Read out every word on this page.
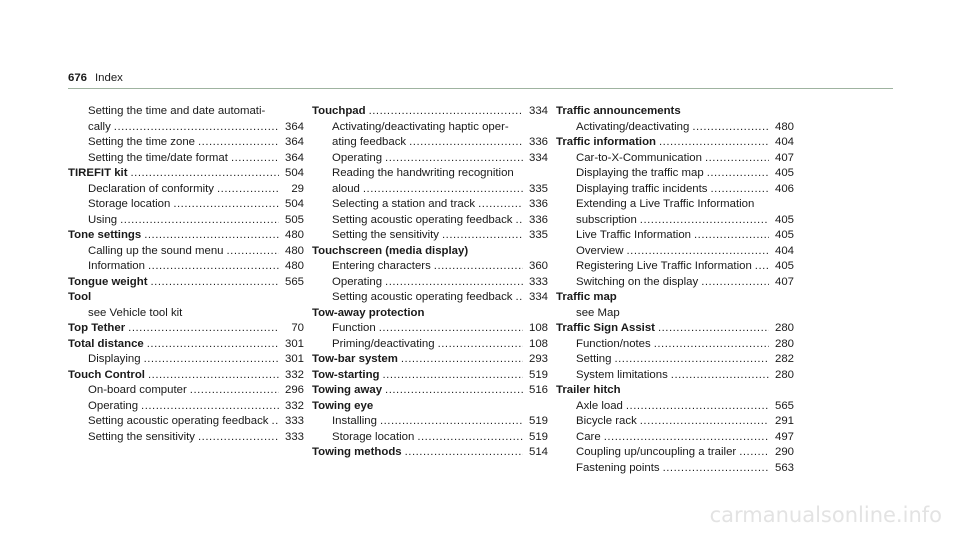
676 Index
Setting the time and date automati-
cally .....	364
Setting the time zone .....	364
Setting the time/date format .....	364
TIREFIT kit .....	504
Declaration of conformity .....	29
Storage location .....	504
Using .....	505
Tone settings .....	480
Calling up the sound menu .....	480
Information .....	480
Tongue weight .....	565
Tool
see Vehicle tool kit
Top Tether .....	70
Total distance .....	301
Displaying .....	301
Touch Control .....	332
On-board computer .....	296
Operating .....	332
Setting acoustic operating feedback ..... 333
Setting the sensitivity .....	333
Touchpad .....	334
Activating/deactivating haptic oper-
ating feedback .....	336
Operating .....	334
Reading the handwriting recognition
aloud .....	335
Selecting a station and track .....	336
Setting acoustic operating feedback ..... 336
Setting the sensitivity .....	335
Touchscreen (media display)
Entering characters .....	360
Operating .....	333
Setting acoustic operating feedback ..... 334
Tow-away protection
Function .....	108
Priming/deactivating .....	108
Tow-bar system .....	293
Tow-starting .....	519
Towing away .....	516
Towing eye
Installing .....	519
Storage location .....	519
Towing methods .....	514
Traffic announcements
Activating/deactivating .....	480
Traffic information .....	404
Car-to-X-Communication .....	407
Displaying the traffic map .....	405
Displaying traffic incidents .....	406
Extending a Live Traffic Information
subscription .....	405
Live Traffic Information .....	405
Overview .....	404
Registering Live Traffic Information ..... 405
Switching on the display .....	407
Traffic map
see Map
Traffic Sign Assist .....	280
Function/notes .....	280
Setting .....	282
System limitations .....	280
Trailer hitch
Axle load .....	565
Bicycle rack .....	291
Care .....	497
Coupling up/uncoupling a trailer .....	290
Fastening points .....	563
carmanualsonline.info
